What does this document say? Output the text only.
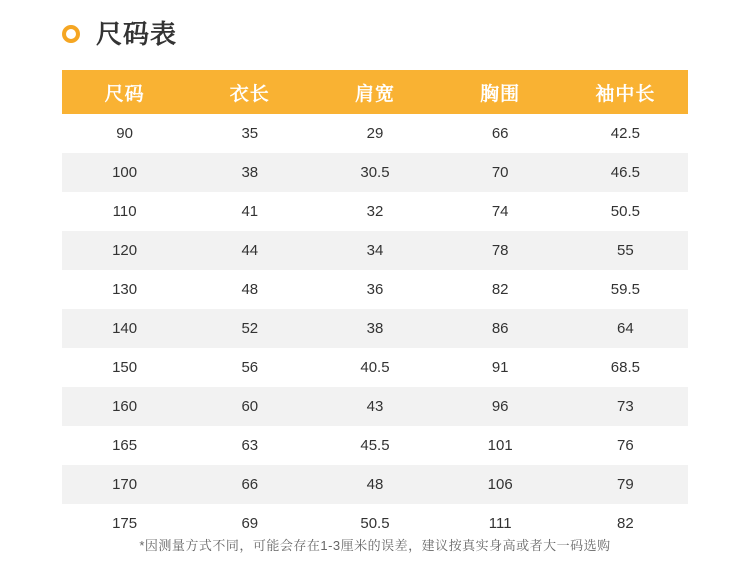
尺码表
尺码	衣长	肩宽	胸围	袖中长
90	35	29	66	42.5
100	38	30.5	70	46.5
110	41	32	74	50.5
120	44	34	78	55
130	48	36	82	59.5
140	52	38	86	64
150	56	40.5	91	68.5
160	60	43	96	73
165	63	45.5	101	76
170	66	48	106	79
175	69	50.5	111	82
*因测量方式不同，可能会存在1-3厘米的误差，建议按真实身高或者大一码选购
